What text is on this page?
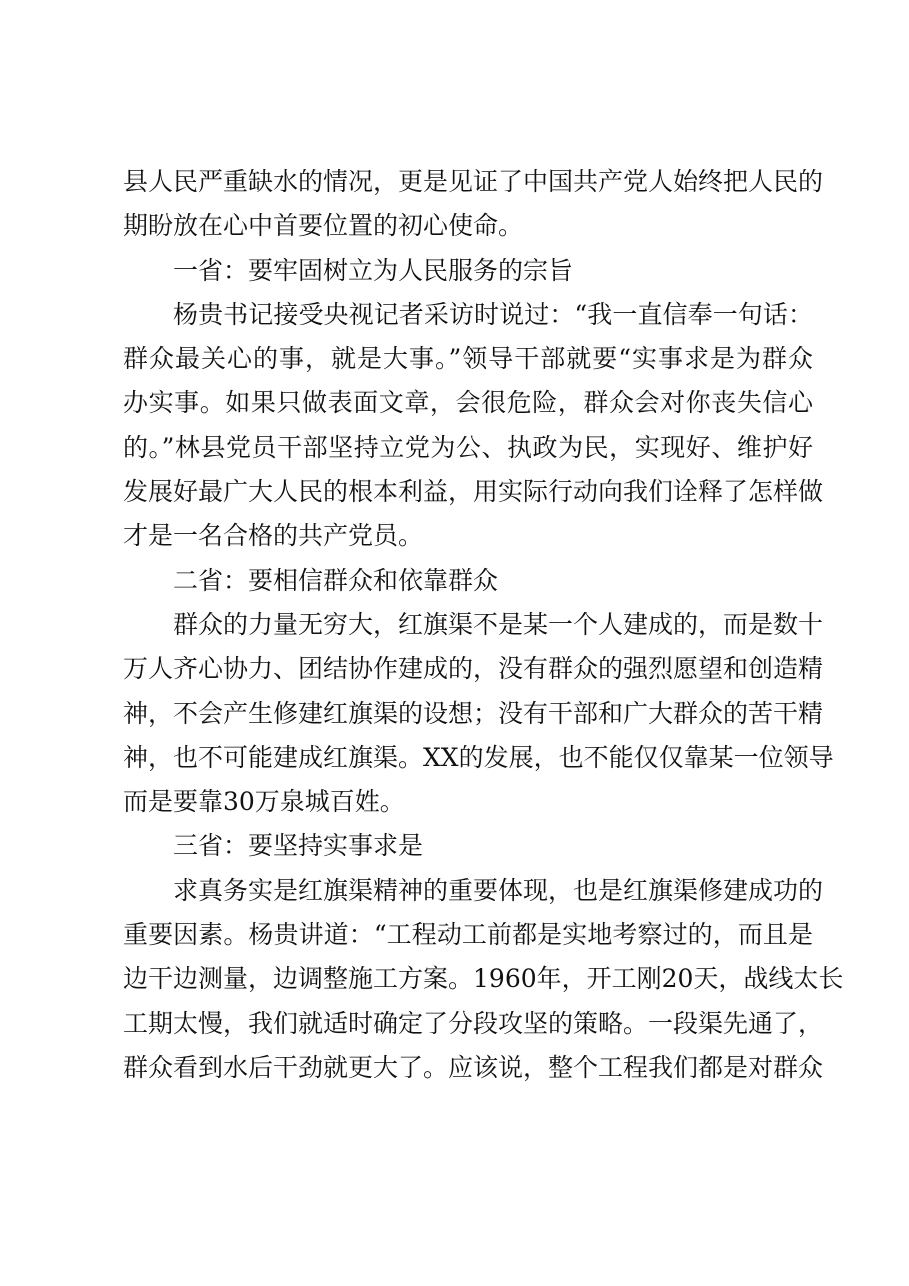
县人民严重缺水的情况，更是见证了中国共产党人始终把人民的
期盼放在心中首要位置的初心使命。
一省：要牢固树立为人民服务的宗旨
杨贵书记接受央视记者采访时说过：“我一直信奉一句话：
群众最关心的事，就是大事。”领导干部就要“实事求是为群众
办实事。如果只做表面文章，会很危险，群众会对你丧失信心
的。”林县党员干部坚持立党为公、执政为民，实现好、维护好
发展好最广大人民的根本利益，用实际行动向我们诠释了怎样做
才是一名合格的共产党员。
二省：要相信群众和依靠群众
群众的力量无穷大，红旗渠不是某一个人建成的，而是数十
万人齐心协力、团结协作建成的，没有群众的强烈愿望和创造精
神，不会产生修建红旗渠的设想；没有干部和广大群众的苦干精
神，也不可能建成红旗渠。XX的发展，也不能仅仅靠某一位领导
而是要靠30万泉城百姓。
三省：要坚持实事求是
求真务实是红旗渠精神的重要体现，也是红旗渠修建成功的
重要因素。杨贵讲道：“工程动工前都是实地考察过的，而且是
边干边测量，边调整施工方案。1960年，开工刚20天，战线太长
工期太慢，我们就适时确定了分段攻坚的策略。一段渠先通了，
群众看到水后干劲就更大了。应该说，整个工程我们都是对群众
